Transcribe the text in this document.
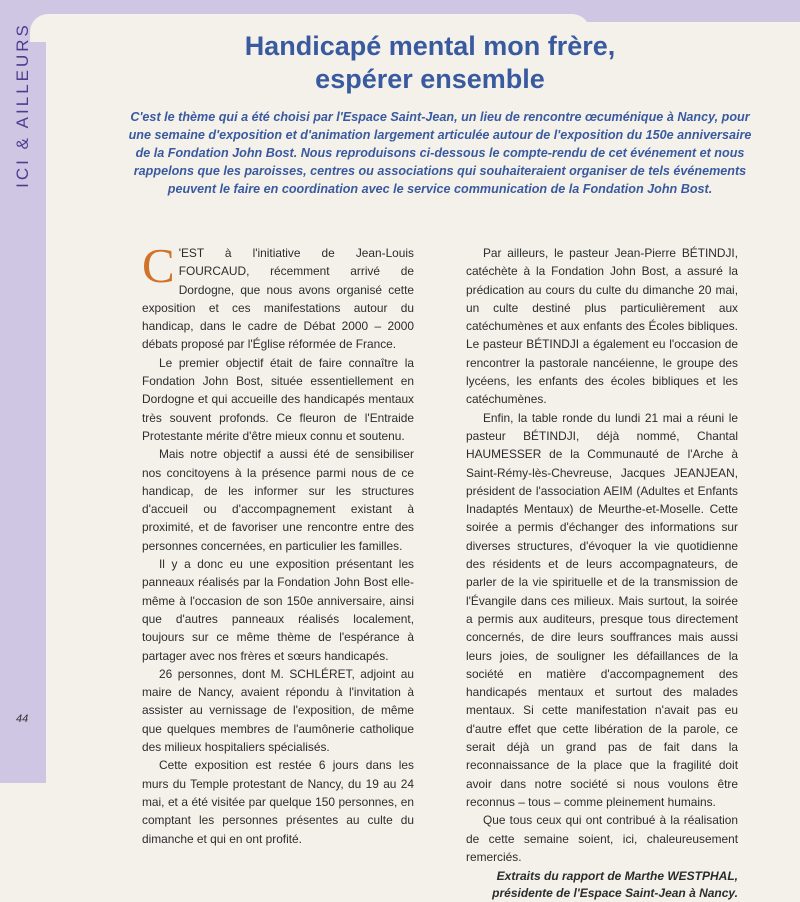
ICI & AILLEURS
44
Handicapé mental mon frère,
espérer ensemble
C'est le thème qui a été choisi par l'Espace Saint-Jean, un lieu de rencontre œcuménique à Nancy, pour une semaine d'exposition et d'animation largement articulée autour de l'exposition du 150e anniversaire de la Fondation John Bost. Nous reproduisons ci-dessous le compte-rendu de cet événement et nous rappelons que les paroisses, centres ou associations qui souhaiteraient organiser de tels événements peuvent le faire en coordination avec le service communication de la Fondation John Bost.

C 'EST à l'initiative de Jean-Louis FOURCAUD, récemment arrivé de Dordogne, que nous avons organisé cette exposition et ces manifestations autour du handicap, dans le cadre de Débat 2000 – 2000 débats proposé par l'Église réformée de France.

Le premier objectif était de faire connaître la Fondation John Bost, située essentiellement en Dordogne et qui accueille des handicapés mentaux très souvent profonds. Ce fleuron de l'Entraide Protestante mérite d'être mieux connu et soutenu.

Mais notre objectif a aussi été de sensibiliser nos concitoyens à la présence parmi nous de ce handicap, de les informer sur les structures d'accueil ou d'accompagnement existant à proximité, et de favoriser une rencontre entre des personnes concernées, en particulier les familles.

Il y a donc eu une exposition présentant les panneaux réalisés par la Fondation John Bost elle-même à l'occasion de son 150e anniversaire, ainsi que d'autres panneaux réalisés localement, toujours sur ce même thème de l'espérance à partager avec nos frères et sœurs handicapés.

26 personnes, dont M. SCHLÉRET, adjoint au maire de Nancy, avaient répondu à l'invitation à assister au vernissage de l'exposition, de même que quelques membres de l'aumônerie catholique des milieux hospitaliers spécialisés.

Cette exposition est restée 6 jours dans les murs du Temple protestant de Nancy, du 19 au 24 mai, et a été visitée par quelque 150 personnes, en comptant les personnes présentes au culte du dimanche et qui en ont profité.

Par ailleurs, le pasteur Jean-Pierre BÉTINDJI, catéchète à la Fondation John Bost, a assuré la prédication au cours du culte du dimanche 20 mai, un culte destiné plus particulièrement aux catéchumènes et aux enfants des Écoles bibliques. Le pasteur BÉTINDJI a également eu l'occasion de rencontrer la pastorale nancéienne, le groupe des lycéens, les enfants des écoles bibliques et les catéchumènes.

Enfin, la table ronde du lundi 21 mai a réuni le pasteur BÉTINDJI, déjà nommé, Chantal HAUMESSER de la Communauté de l'Arche à Saint-Rémy-lès-Chevreuse, Jacques JEANJEAN, président de l'association AEIM (Adultes et Enfants Inadaptés Mentaux) de Meurthe-et-Moselle. Cette soirée a permis d'échanger des informations sur diverses structures, d'évoquer la vie quotidienne des résidents et de leurs accompagnateurs, de parler de la vie spirituelle et de la transmission de l'Évangile dans ces milieux. Mais surtout, la soirée a permis aux auditeurs, presque tous directement concernés, de dire leurs souffrances mais aussi leurs joies, de souligner les défaillances de la société en matière d'accompagnement des handicapés mentaux et surtout des malades mentaux. Si cette manifestation n'avait pas eu d'autre effet que cette libération de la parole, ce serait déjà un grand pas de fait dans la reconnaissance de la place que la fragilité doit avoir dans notre société si nous voulons être reconnus – tous – comme pleinement humains.

Que tous ceux qui ont contribué à la réalisation de cette semaine soient, ici, chaleureusement remerciés.

Extraits du rapport de Marthe WESTPHAL,
présidente de l'Espace Saint-Jean à Nancy.
